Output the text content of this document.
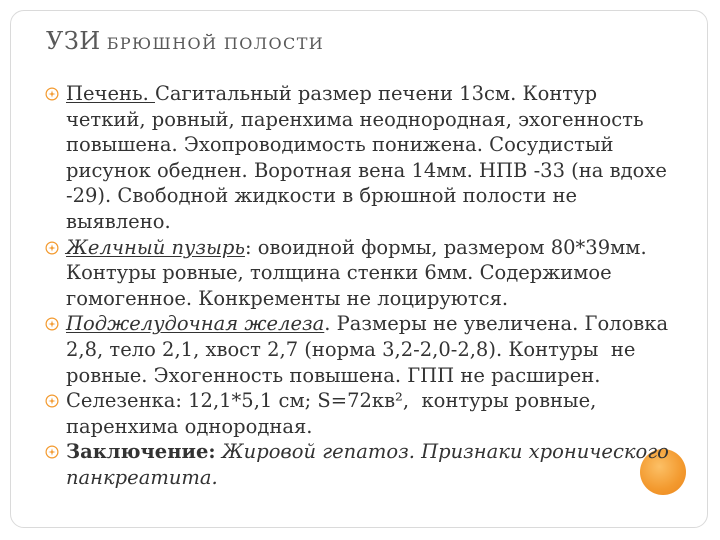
УЗИ БРЮШНОЙ ПОЛОСТИ
Печень. Сагитальный размер печени 13см. Контур
четкий, ровный, паренхима неоднородная, эхогенность
повышена. Эхопроводимость понижена. Сосудистый
рисунок обеднен. Воротная вена 14мм. НПВ -33 (на вдохе
-29). Свободной жидкости в брюшной полости не
выявлено.
Желчный пузырь: овоидной формы, размером 80*39мм.
Контуры ровные, толщина стенки 6мм. Содержимое
гомогенное. Конкременты не лоцируются.
Поджелудочная железа. Размеры не увеличена. Головка
2,8, тело 2,1, хвост 2,7 (норма 3,2-2,0-2,8). Контуры  не
ровные. Эхогенность повышена. ГПП не расширен.
Селезенка: 12,1*5,1 см; S=72кв²,  контуры ровные,
паренхима однородная.
Заключение: Жировой гепатоз. Признаки хронического
панкреатита.
